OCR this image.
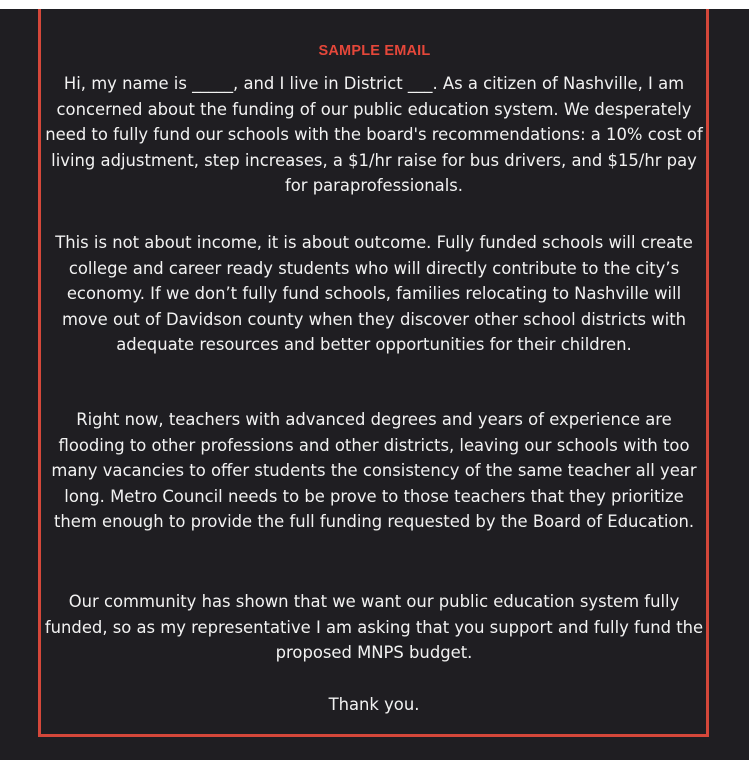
SAMPLE EMAIL

Hi, my name is _____, and I live in District ___. As a citizen of Nashville, I am concerned about the funding of our public education system. We desperately need to fully fund our schools with the board's recommendations: a 10% cost of living adjustment, step increases, a $1/hr raise for bus drivers, and $15/hr pay for paraprofessionals.

This is not about income, it is about outcome. Fully funded schools will create college and career ready students who will directly contribute to the city’s economy. If we don’t fully fund schools, families relocating to Nashville will move out of Davidson county when they discover other school districts with adequate resources and better opportunities for their children.

Right now, teachers with advanced degrees and years of experience are flooding to other professions and other districts, leaving our schools with too many vacancies to offer students the consistency of the same teacher all year long. Metro Council needs to be prove to those teachers that they prioritize them enough to provide the full funding requested by the Board of Education.

Our community has shown that we want our public education system fully funded, so as my representative I am asking that you support and fully fund the proposed MNPS budget.

Thank you.
